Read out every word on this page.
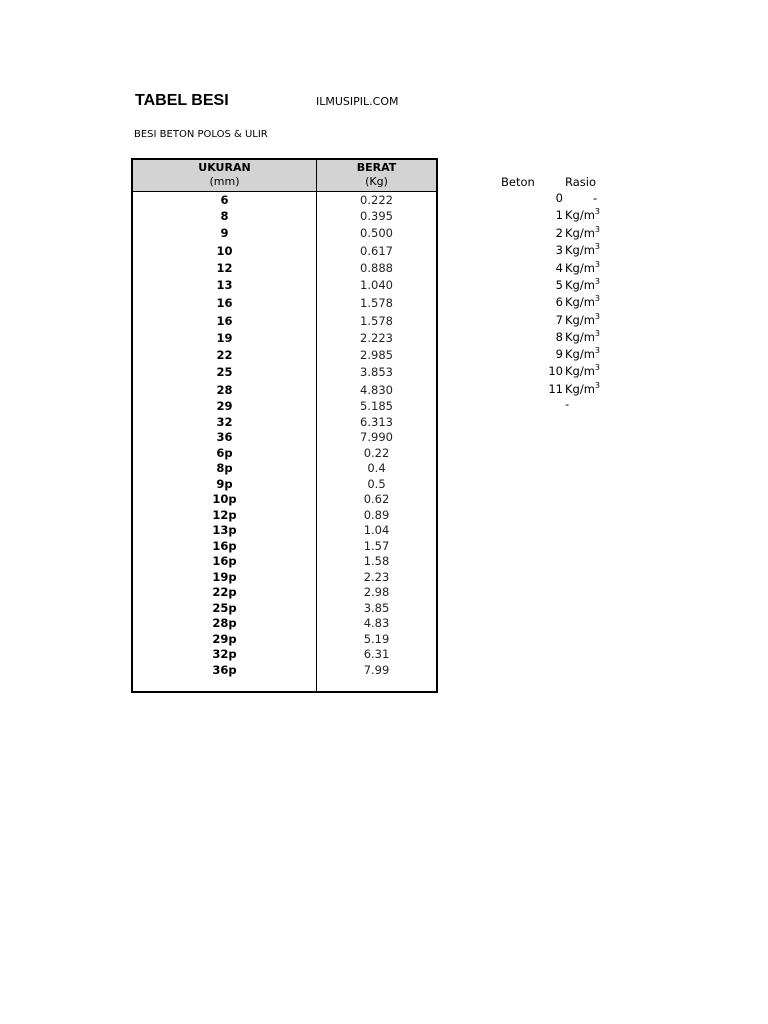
TABEL BESI	ILMUSIPIL.COM
BESI BETON POLOS & ULIR
UKURAN
(mm)
BERAT
(Kg)
6	0.222
8	0.395
9	0.500
10	0.617
12	0.888
13	1.040
16	1.578
16	1.578
19	2.223
22	2.985
25	3.853
28	4.830
29	5.185
32	6.313
36	7.990
6p	0.22
8p	0.4
9p	0.5
10p	0.62
12p	0.89
13p	1.04
16p	1.57
16p	1.58
19p	2.23
22p	2.98
25p	3.85
28p	4.83
29p	5.19
32p	6.31
36p	7.99
Beton	Rasio
0	-
1 $Kg/m^3$
2 $Kg/m^3$
3 $Kg/m^3$
4 $Kg/m^3$
5 $Kg/m^3$
6 $Kg/m^3$
7 $Kg/m^3$
8 $Kg/m^3$
9 $Kg/m^3$
10 $Kg/m^3$
11 $Kg/m^3$
-
